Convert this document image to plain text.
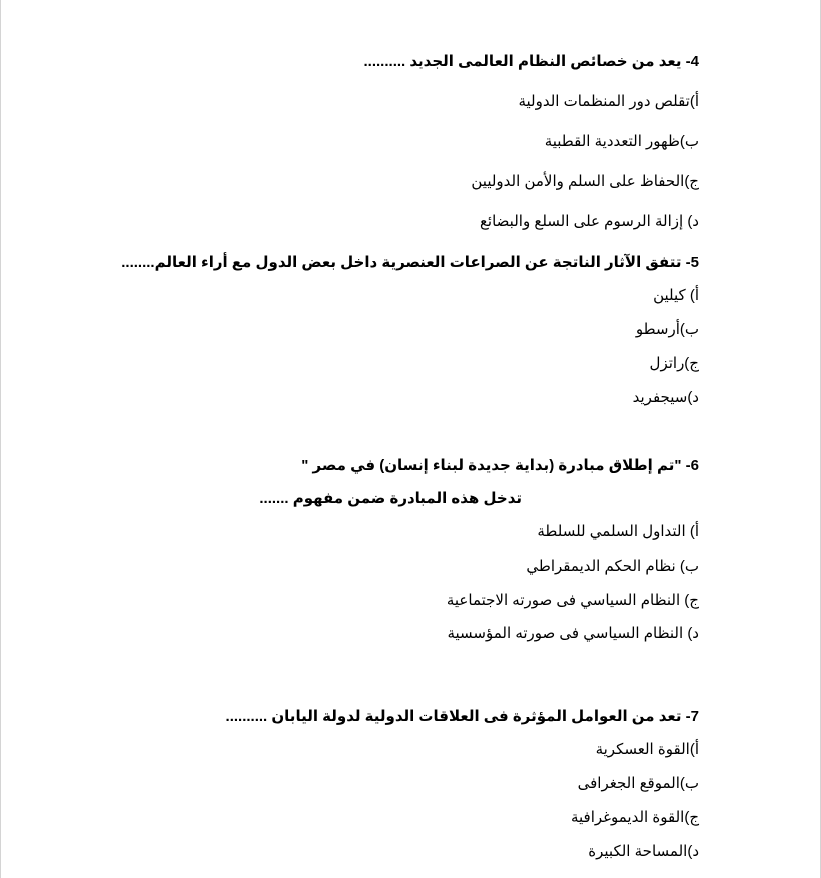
4- يعد من خصائص النظام العالمى الجديد ..........
أ)تقلص دور المنظمات الدولية
ب)ظهور التعددية القطبية
ج)الحفاظ على السلم والأمن الدوليين
د) إزالة الرسوم على السلع والبضائع
5- تتفق الآثار الناتجة عن الصراعات العنصرية داخل بعض الدول مع أراء العالم........
أ) كيلين
ب)أرسطو
ج)راتزل
د)سيجفريد
6- "تم إطلاق مبادرة (بداية جديدة لبناء إنسان) في مصر "
تدخل هذه المبادرة ضمن مفهوم .......
أ) التداول السلمي للسلطة
ب) نظام الحكم الديمقراطي
ج) النظام السياسي فى صورته الاجتماعية
د) النظام السياسي فى صورته المؤسسية
7- تعد من العوامل المؤثرة فى العلاقات الدولية لدولة اليابان ..........
أ)القوة العسكرية
ب)الموقع الجغرافى
ج)القوة الديموغرافية
د)المساحة الكبيرة
